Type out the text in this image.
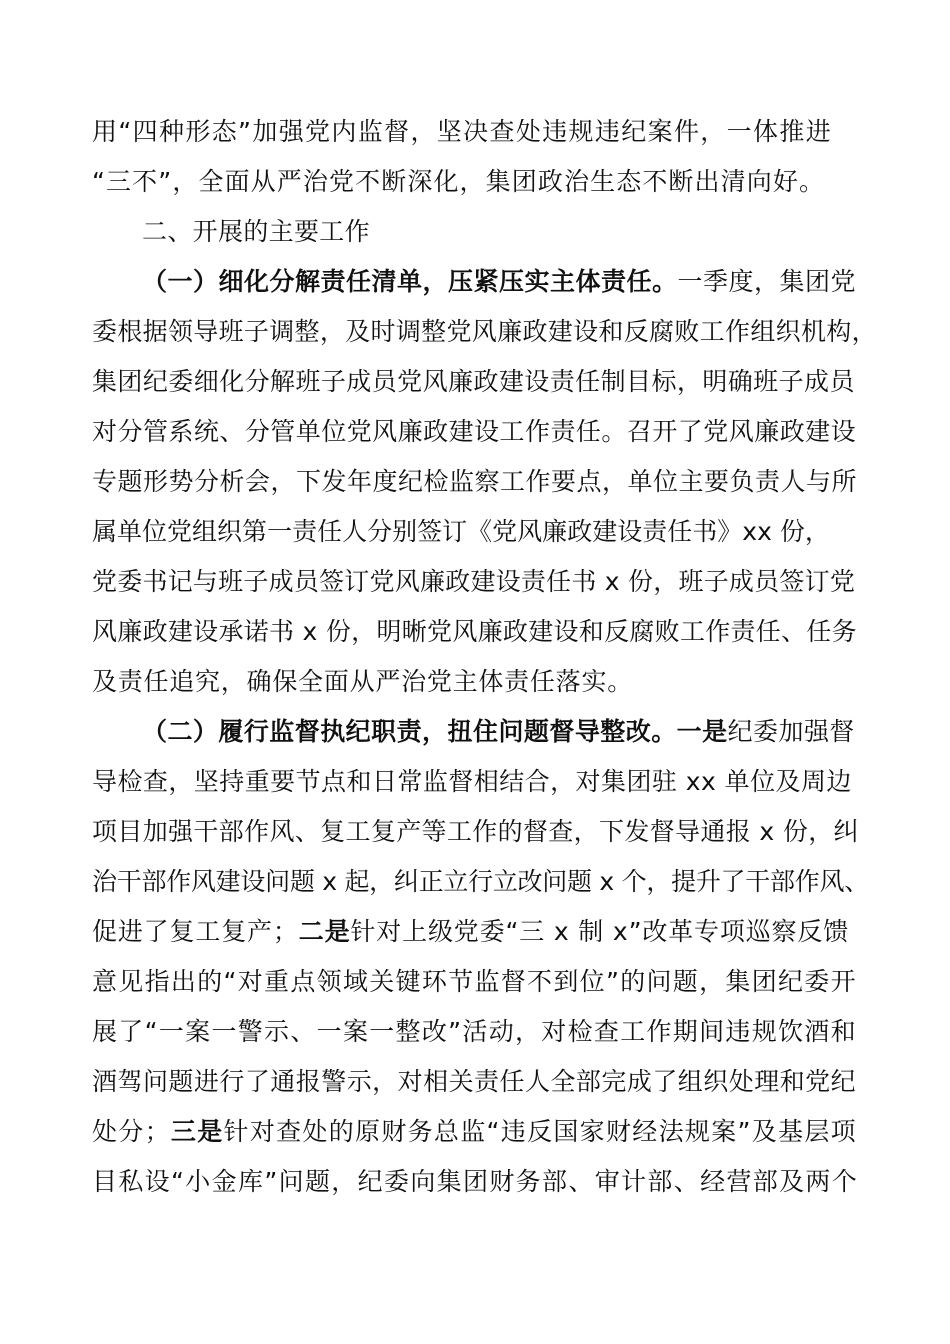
用“四种形态”加强党内监督，坚决查处违规违纪案件，一体推进
“三不”，全面从严治党不断深化，集团政治生态不断出清向好。
二、开展的主要工作
（一）细化分解责任清单，压紧压实主体责任。一季度，集团党
委根据领导班子调整，及时调整党风廉政建设和反腐败工作组织机构，
集团纪委细化分解班子成员党风廉政建设责任制目标，明确班子成员
对分管系统、分管单位党风廉政建设工作责任。召开了党风廉政建设
专题形势分析会，下发年度纪检监察工作要点，单位主要负责人与所
属单位党组织第一责任人分别签订《党风廉政建设责任书》xx 份，
党委书记与班子成员签订党风廉政建设责任书 x 份，班子成员签订党
风廉政建设承诺书 x 份，明晰党风廉政建设和反腐败工作责任、任务
及责任追究，确保全面从严治党主体责任落实。
（二）履行监督执纪职责，扭住问题督导整改。一是纪委加强督
导检查，坚持重要节点和日常监督相结合，对集团驻 xx 单位及周边
项目加强干部作风、复工复产等工作的督查，下发督导通报 x 份，纠
治干部作风建设问题 x 起，纠正立行立改问题 x 个，提升了干部作风、
促进了复工复产；二是针对上级党委“三 x 制 x”改革专项巡察反馈
意见指出的“对重点领域关键环节监督不到位”的问题，集团纪委开
展了“一案一警示、一案一整改”活动，对检查工作期间违规饮酒和
酒驾问题进行了通报警示，对相关责任人全部完成了组织处理和党纪
处分；三是针对查处的原财务总监“违反国家财经法规案”及基层项
目私设“小金库”问题，纪委向集团财务部、审计部、经营部及两个
